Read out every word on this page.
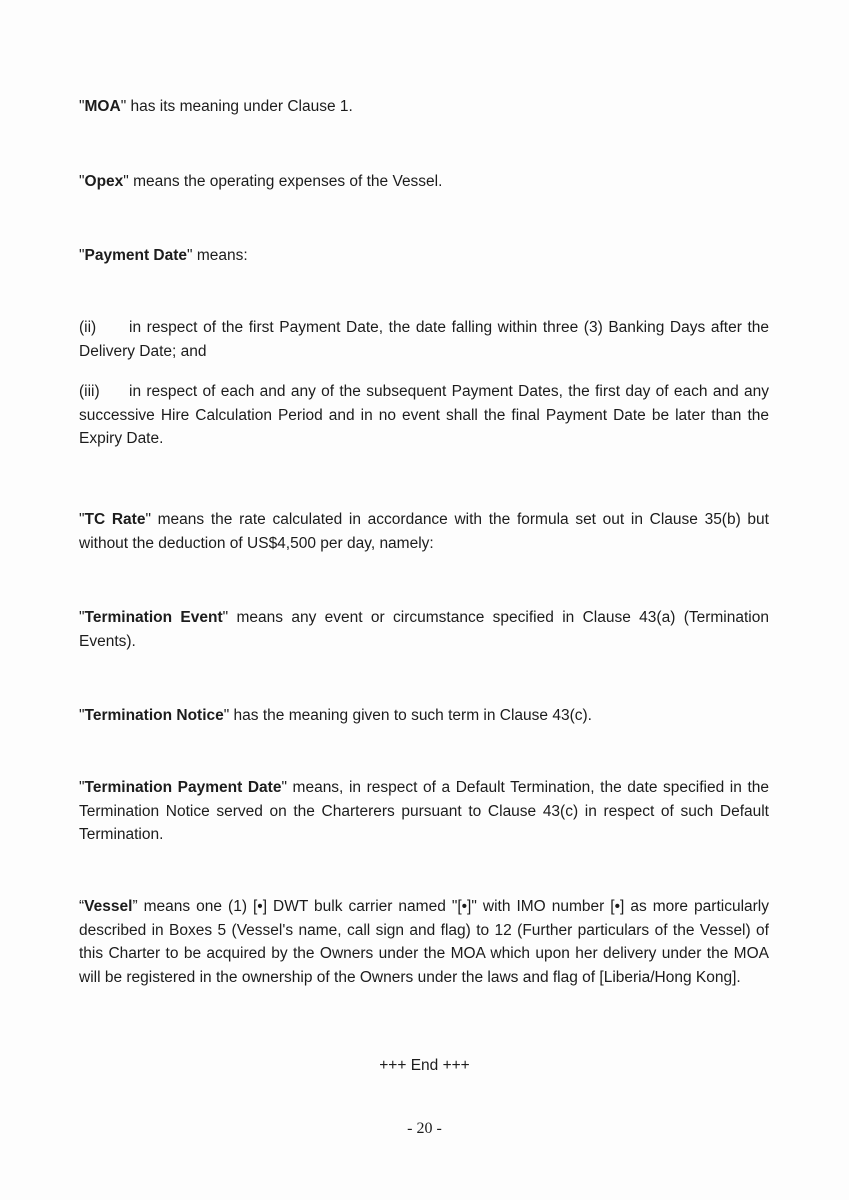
"MOA" has its meaning under Clause 1.
"Opex" means the operating expenses of the Vessel.
"Payment Date" means:
(ii) in respect of the first Payment Date, the date falling within three (3) Banking Days after the Delivery Date; and
(iii) in respect of each and any of the subsequent Payment Dates, the first day of each and any successive Hire Calculation Period and in no event shall the final Payment Date be later than the Expiry Date.
"TC Rate" means the rate calculated in accordance with the formula set out in Clause 35(b) but without the deduction of US$4,500 per day, namely:
"Termination Event" means any event or circumstance specified in Clause 43(a) (Termination Events).
"Termination Notice" has the meaning given to such term in Clause 43(c).
"Termination Payment Date" means, in respect of a Default Termination, the date specified in the Termination Notice served on the Charterers pursuant to Clause 43(c) in respect of such Default Termination.
“Vessel” means one (1) [•] DWT bulk carrier named "[•]" with IMO number [•] as more particularly described in Boxes 5 (Vessel's name, call sign and flag) to 12 (Further particulars of the Vessel) of this Charter to be acquired by the Owners under the MOA which upon her delivery under the MOA will be registered in the ownership of the Owners under the laws and flag of [Liberia/Hong Kong].
+++ End +++
- 20 -
